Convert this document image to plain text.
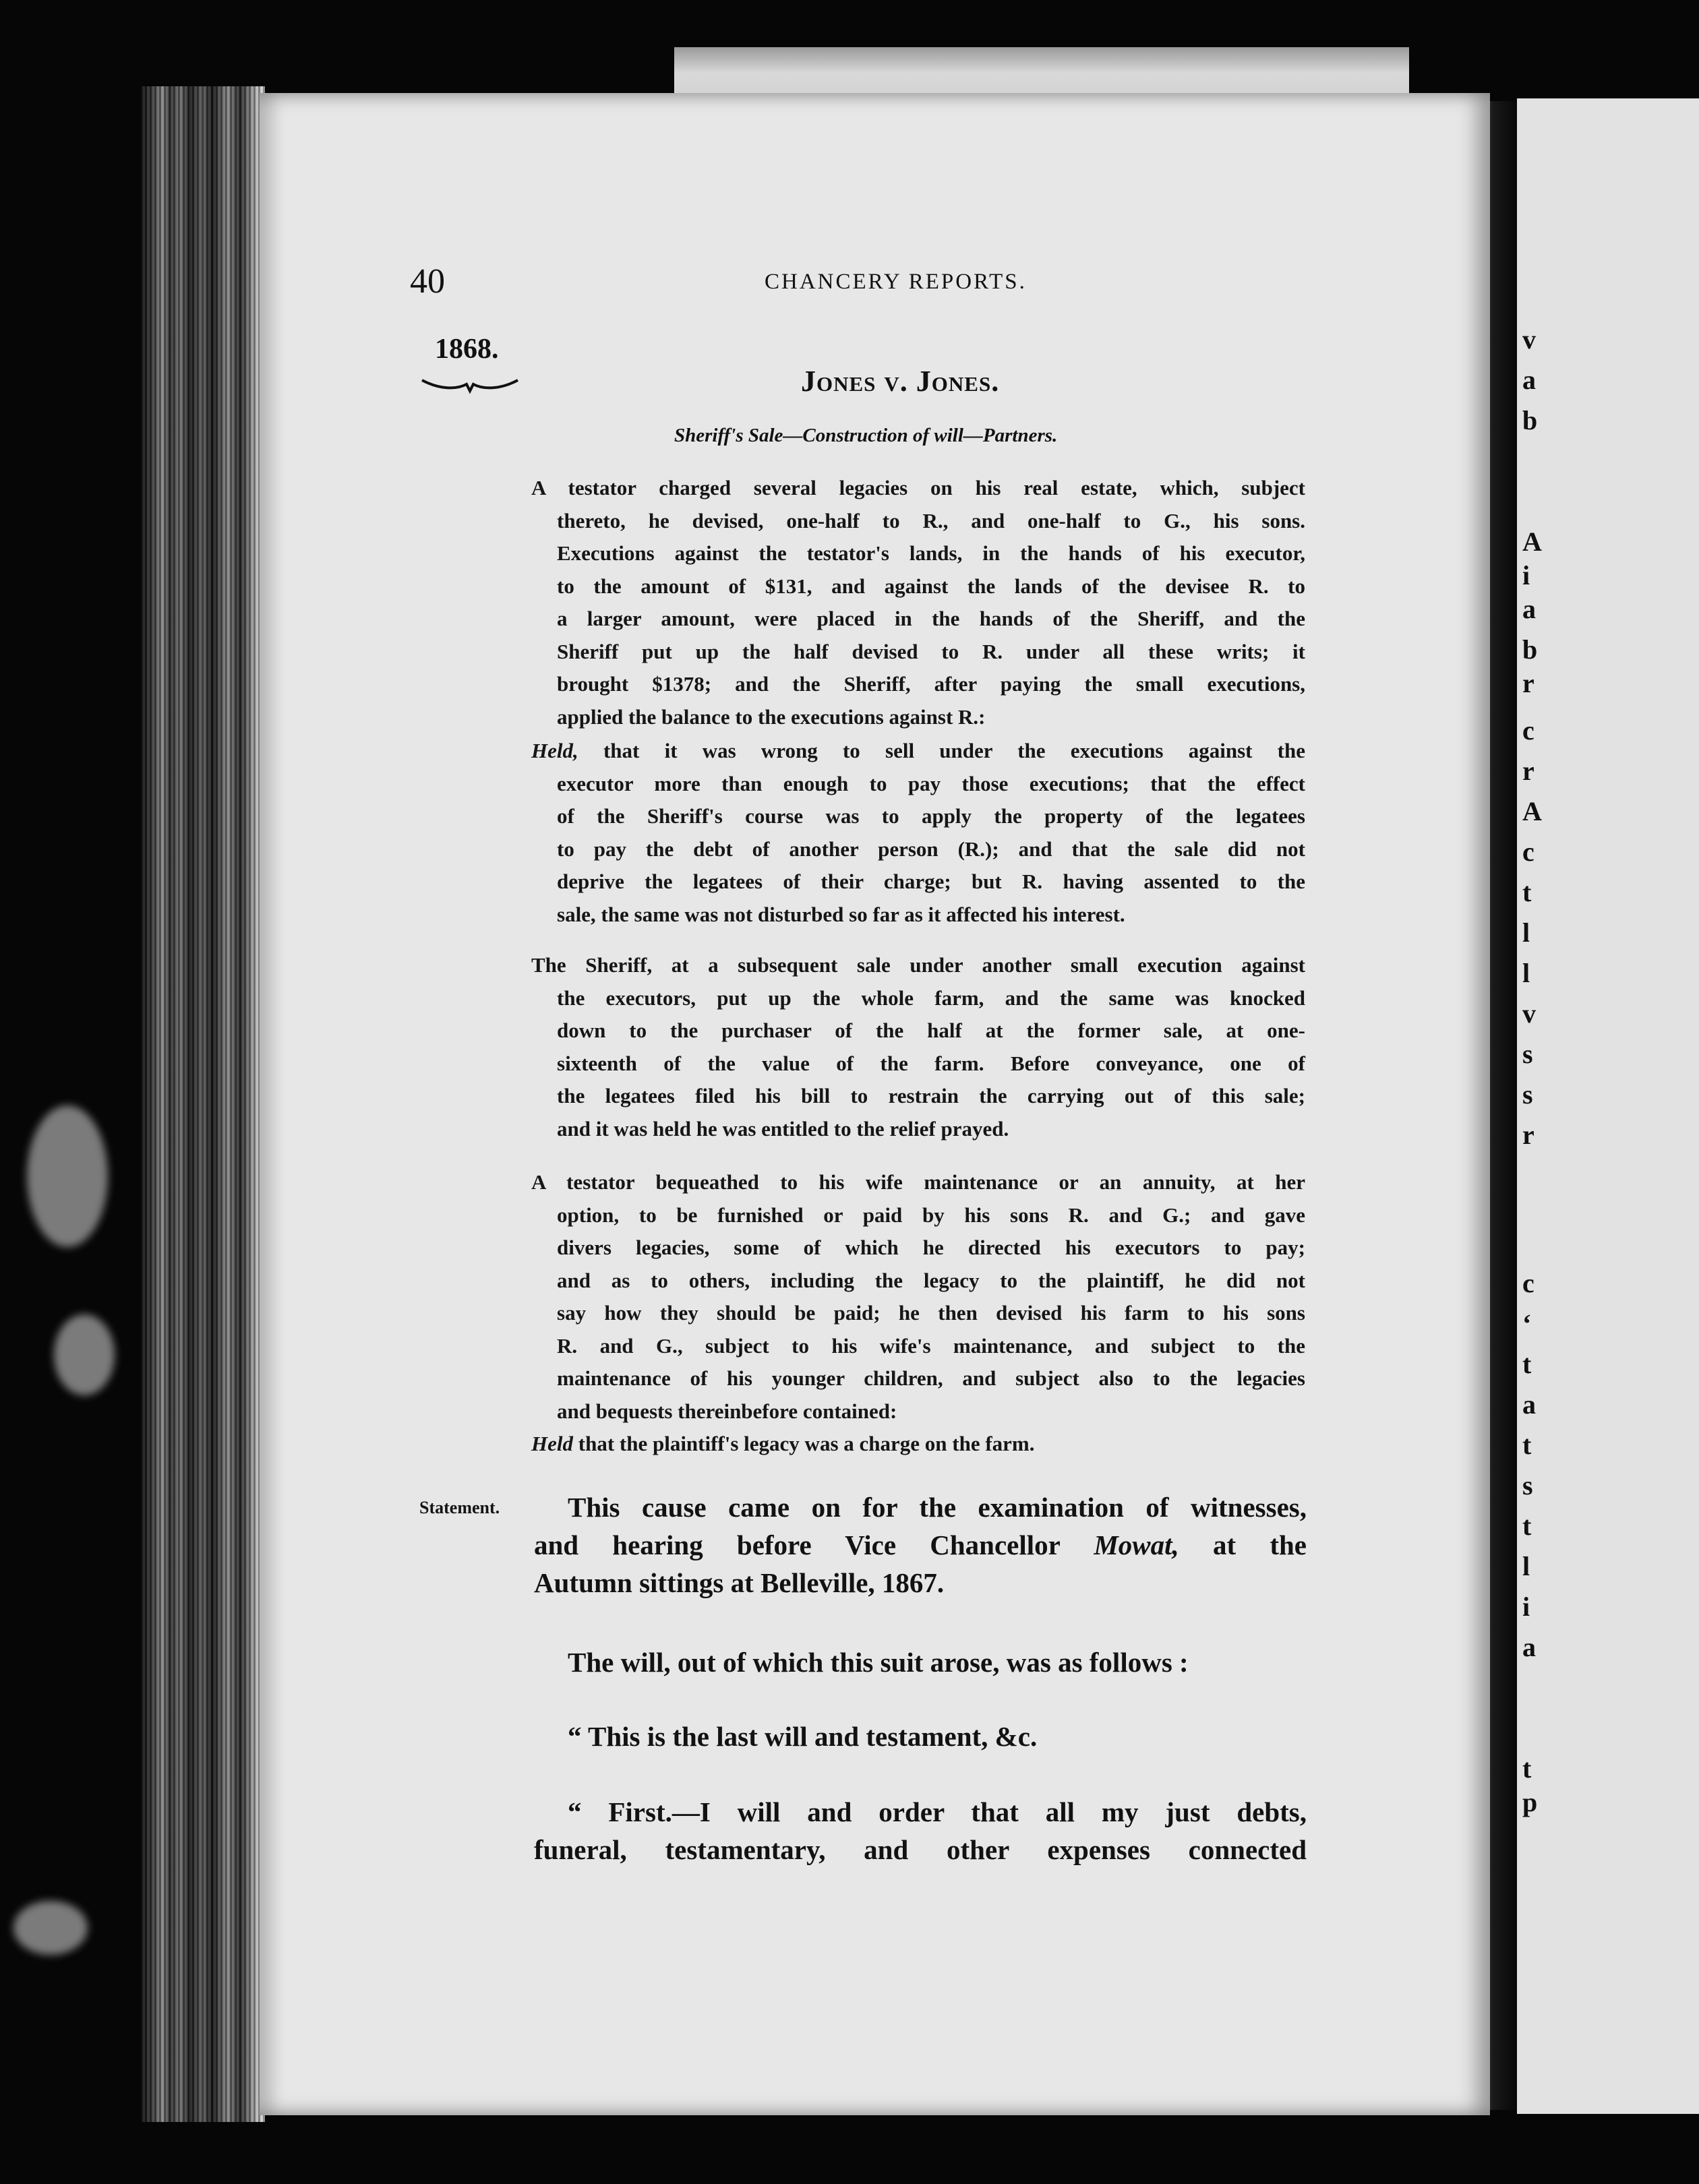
v
a
b
A
i
a
b
r
c
r
A
c
t
l
l
v
s
s
r
c
‘
t
a
t
s
t
l
i
a
t
p
40	CHANCERY REPORTS.
1868.
Jones v. Jones.
Sheriff's Sale—Construction of will—Partners.
A testator charged several legacies on his real estate, which, subject
thereto, he devised, one-half to R., and one-half to G., his sons.
Executions against the testator's lands, in the hands of his executor,
to the amount of $131, and against the lands of the devisee R. to
a larger amount, were placed in the hands of the Sheriff, and the
Sheriff put up the half devised to R. under all these writs; it
brought $1378; and the Sheriff, after paying the small executions,
applied the balance to the executions against R.:
Held, that it was wrong to sell under the executions against the
executor more than enough to pay those executions; that the effect
of the Sheriff's course was to apply the property of the legatees
to pay the debt of another person (R.); and that the sale did not
deprive the legatees of their charge; but R. having assented to the
sale, the same was not disturbed so far as it affected his interest.
The Sheriff, at a subsequent sale under another small execution against
the executors, put up the whole farm, and the same was knocked
down to the purchaser of the half at the former sale, at one-
sixteenth of the value of the farm. Before conveyance, one of
the legatees filed his bill to restrain the carrying out of this sale;
and it was held he was entitled to the relief prayed.
A testator bequeathed to his wife maintenance or an annuity, at her
option, to be furnished or paid by his sons R. and G.; and gave
divers legacies, some of which he directed his executors to pay;
and as to others, including the legacy to the plaintiff, he did not
say how they should be paid; he then devised his farm to his sons
R. and G., subject to his wife's maintenance, and subject to the
maintenance of his younger children, and subject also to the legacies
and bequests thereinbefore contained:
Held that the plaintiff's legacy was a charge on the farm.
Statement.	This cause came on for the examination of witnesses,
and hearing before Vice Chancellor Mowat, at the
Autumn sittings at Belleville, 1867.
The will, out of which this suit arose, was as follows :
“ This is the last will and testament, &c.
“ First.—I will and order that all my just debts,
funeral, testamentary, and other expenses connected
